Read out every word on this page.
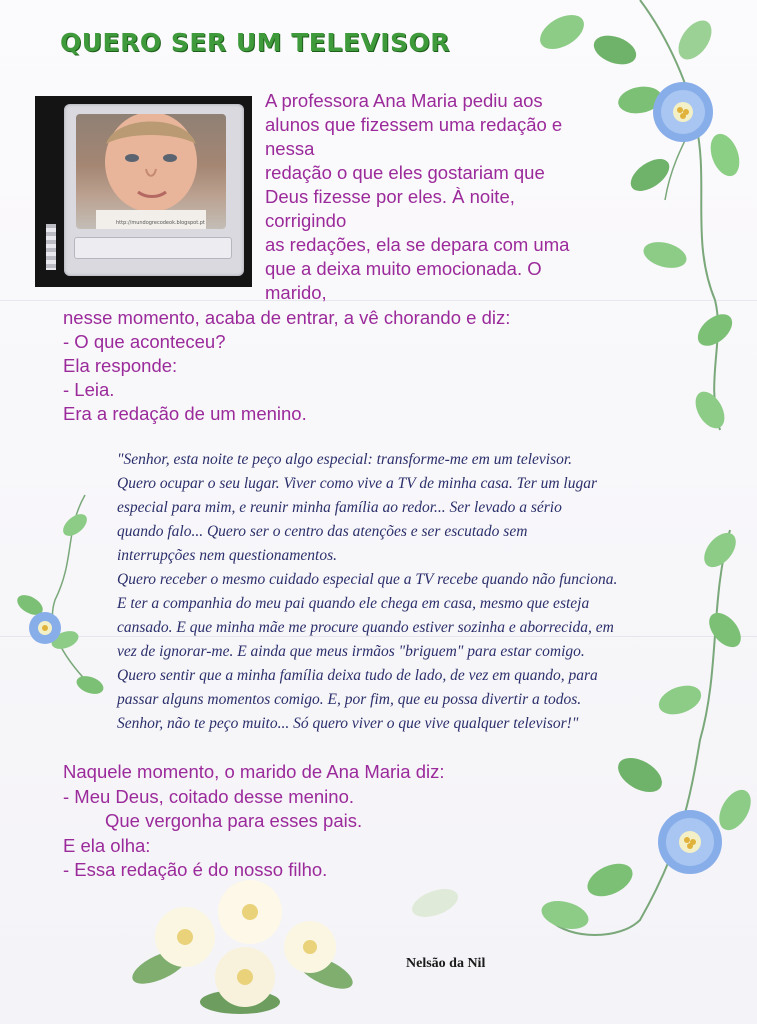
QUERO SER UM TELEVISOR
http://mundogrecodeok.blogspot.pt

A professora Ana Maria pediu aos
alunos que fizessem uma redação e
nessa
redação o que eles gostariam que
Deus fizesse por eles. À noite,
corrigindo
as redações, ela se depara com uma
que a deixa muito emocionada. O
marido,

nesse momento, acaba de entrar, a vê chorando e diz:
- O que aconteceu?
Ela responde:
- Leia.
Era a redação de um menino.

"Senhor, esta noite te peço algo especial: transforme-me em um televisor.
Quero ocupar o seu lugar. Viver como vive a TV de minha casa. Ter um lugar
especial para mim, e reunir minha família ao redor... Ser levado a sério
quando falo... Quero ser o centro das atenções e ser escutado sem
interrupções nem questionamentos.
Quero receber o mesmo cuidado especial que a TV recebe quando não funciona.
E ter a companhia do meu pai quando ele chega em casa, mesmo que esteja
cansado. E que minha mãe me procure quando estiver sozinha e aborrecida, em
vez de ignorar-me. E ainda que meus irmãos "briguem" para estar comigo.
Quero sentir que a minha família deixa tudo de lado, de vez em quando, para
passar alguns momentos comigo. E, por fim, que eu possa divertir a todos.
Senhor, não te peço muito... Só quero viver o que vive qualquer televisor!"

Naquele momento, o marido de Ana Maria diz:
- Meu Deus, coitado desse menino.
Que vergonha para esses pais.
E ela olha:
- Essa redação é do nosso filho.

Nelsão da Nil
